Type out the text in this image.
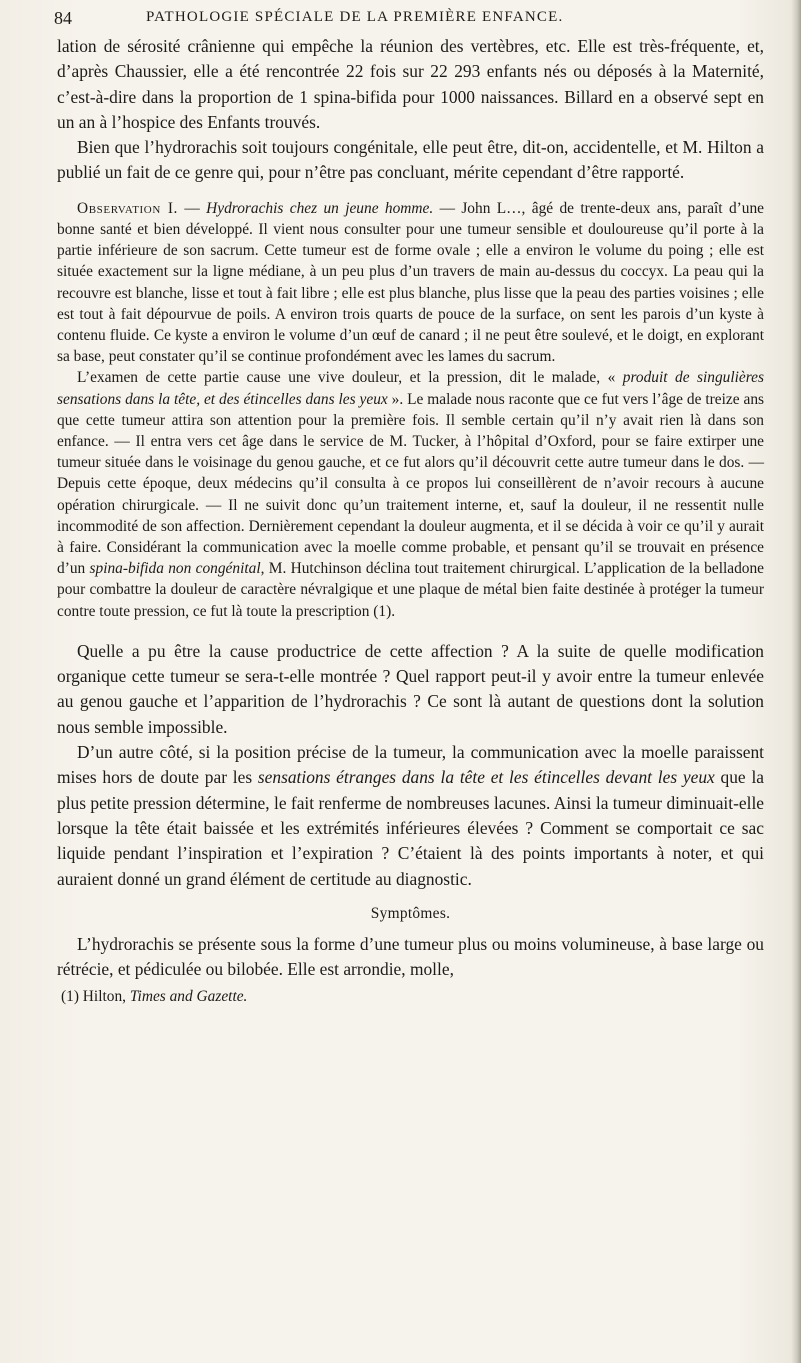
84	PATHOLOGIE SPÉCIALE DE LA PREMIÈRE ENFANCE.

lation de sérosité crânienne qui empêche la réunion des vertèbres, etc. Elle est très-fréquente, et, d’après Chaussier, elle a été rencontrée 22 fois sur 22 293 enfants nés ou déposés à la Maternité, c’est-à-dire dans la proportion de 1 spina-bifida pour 1000 naissances. Billard en a observé sept en un an à l’hospice des Enfants trouvés.

Bien que l’hydrorachis soit toujours congénitale, elle peut être, dit-on, accidentelle, et M. Hilton a publié un fait de ce genre qui, pour n’être pas concluant, mérite cependant d’être rapporté.

Observation I. — Hydrorachis chez un jeune homme. — John L…, âgé de trente-deux ans, paraît d’une bonne santé et bien développé. Il vient nous consulter pour une tumeur sensible et douloureuse qu’il porte à la partie inférieure de son sacrum. Cette tumeur est de forme ovale ; elle a environ le volume du poing ; elle est située exactement sur la ligne médiane, à un peu plus d’un travers de main au-dessus du coccyx. La peau qui la recouvre est blanche, lisse et tout à fait libre ; elle est plus blanche, plus lisse que la peau des parties voisines ; elle est tout à fait dépourvue de poils. A environ trois quarts de pouce de la surface, on sent les parois d’un kyste à contenu fluide. Ce kyste a environ le volume d’un œuf de canard ; il ne peut être soulevé, et le doigt, en explorant sa base, peut constater qu’il se continue profondément avec les lames du sacrum.

L’examen de cette partie cause une vive douleur, et la pression, dit le malade, « produit de singulières sensations dans la tête, et des étincelles dans les yeux ». Le malade nous raconte que ce fut vers l’âge de treize ans que cette tumeur attira son attention pour la première fois. Il semble certain qu’il n’y avait rien là dans son enfance. — Il entra vers cet âge dans le service de M. Tucker, à l’hôpital d’Oxford, pour se faire extirper une tumeur située dans le voisinage du genou gauche, et ce fut alors qu’il découvrit cette autre tumeur dans le dos. — Depuis cette époque, deux médecins qu’il consulta à ce propos lui conseillèrent de n’avoir recours à aucune opération chirurgicale. — Il ne suivit donc qu’un traitement interne, et, sauf la douleur, il ne ressentit nulle incommodité de son affection. Dernièrement cependant la douleur augmenta, et il se décida à voir ce qu’il y aurait à faire. Considérant la communication avec la moelle comme probable, et pensant qu’il se trouvait en présence d’un spina-bifida non congénital, M. Hutchinson déclina tout traitement chirurgical. L’application de la belladone pour combattre la douleur de caractère névralgique et une plaque de métal bien faite destinée à protéger la tumeur contre toute pression, ce fut là toute la prescription (1).

Quelle a pu être la cause productrice de cette affection ? A la suite de quelle modification organique cette tumeur se sera-t-elle montrée ? Quel rapport peut-il y avoir entre la tumeur enlevée au genou gauche et l’apparition de l’hydrorachis ? Ce sont là autant de questions dont la solution nous semble impossible.

D’un autre côté, si la position précise de la tumeur, la communication avec la moelle paraissent mises hors de doute par les sensations étranges dans la tête et les étincelles devant les yeux que la plus petite pression détermine, le fait renferme de nombreuses lacunes. Ainsi la tumeur diminuait-elle lorsque la tête était baissée et les extrémités inférieures élevées ? Comment se comportait ce sac liquide pendant l’inspiration et l’expiration ? C’étaient là des points importants à noter, et qui auraient donné un grand élément de certitude au diagnostic.

Symptômes.

L’hydrorachis se présente sous la forme d’une tumeur plus ou moins volumineuse, à base large ou rétrécie, et pédiculée ou bilobée. Elle est arrondie, molle,

(1) Hilton, Times and Gazette.
